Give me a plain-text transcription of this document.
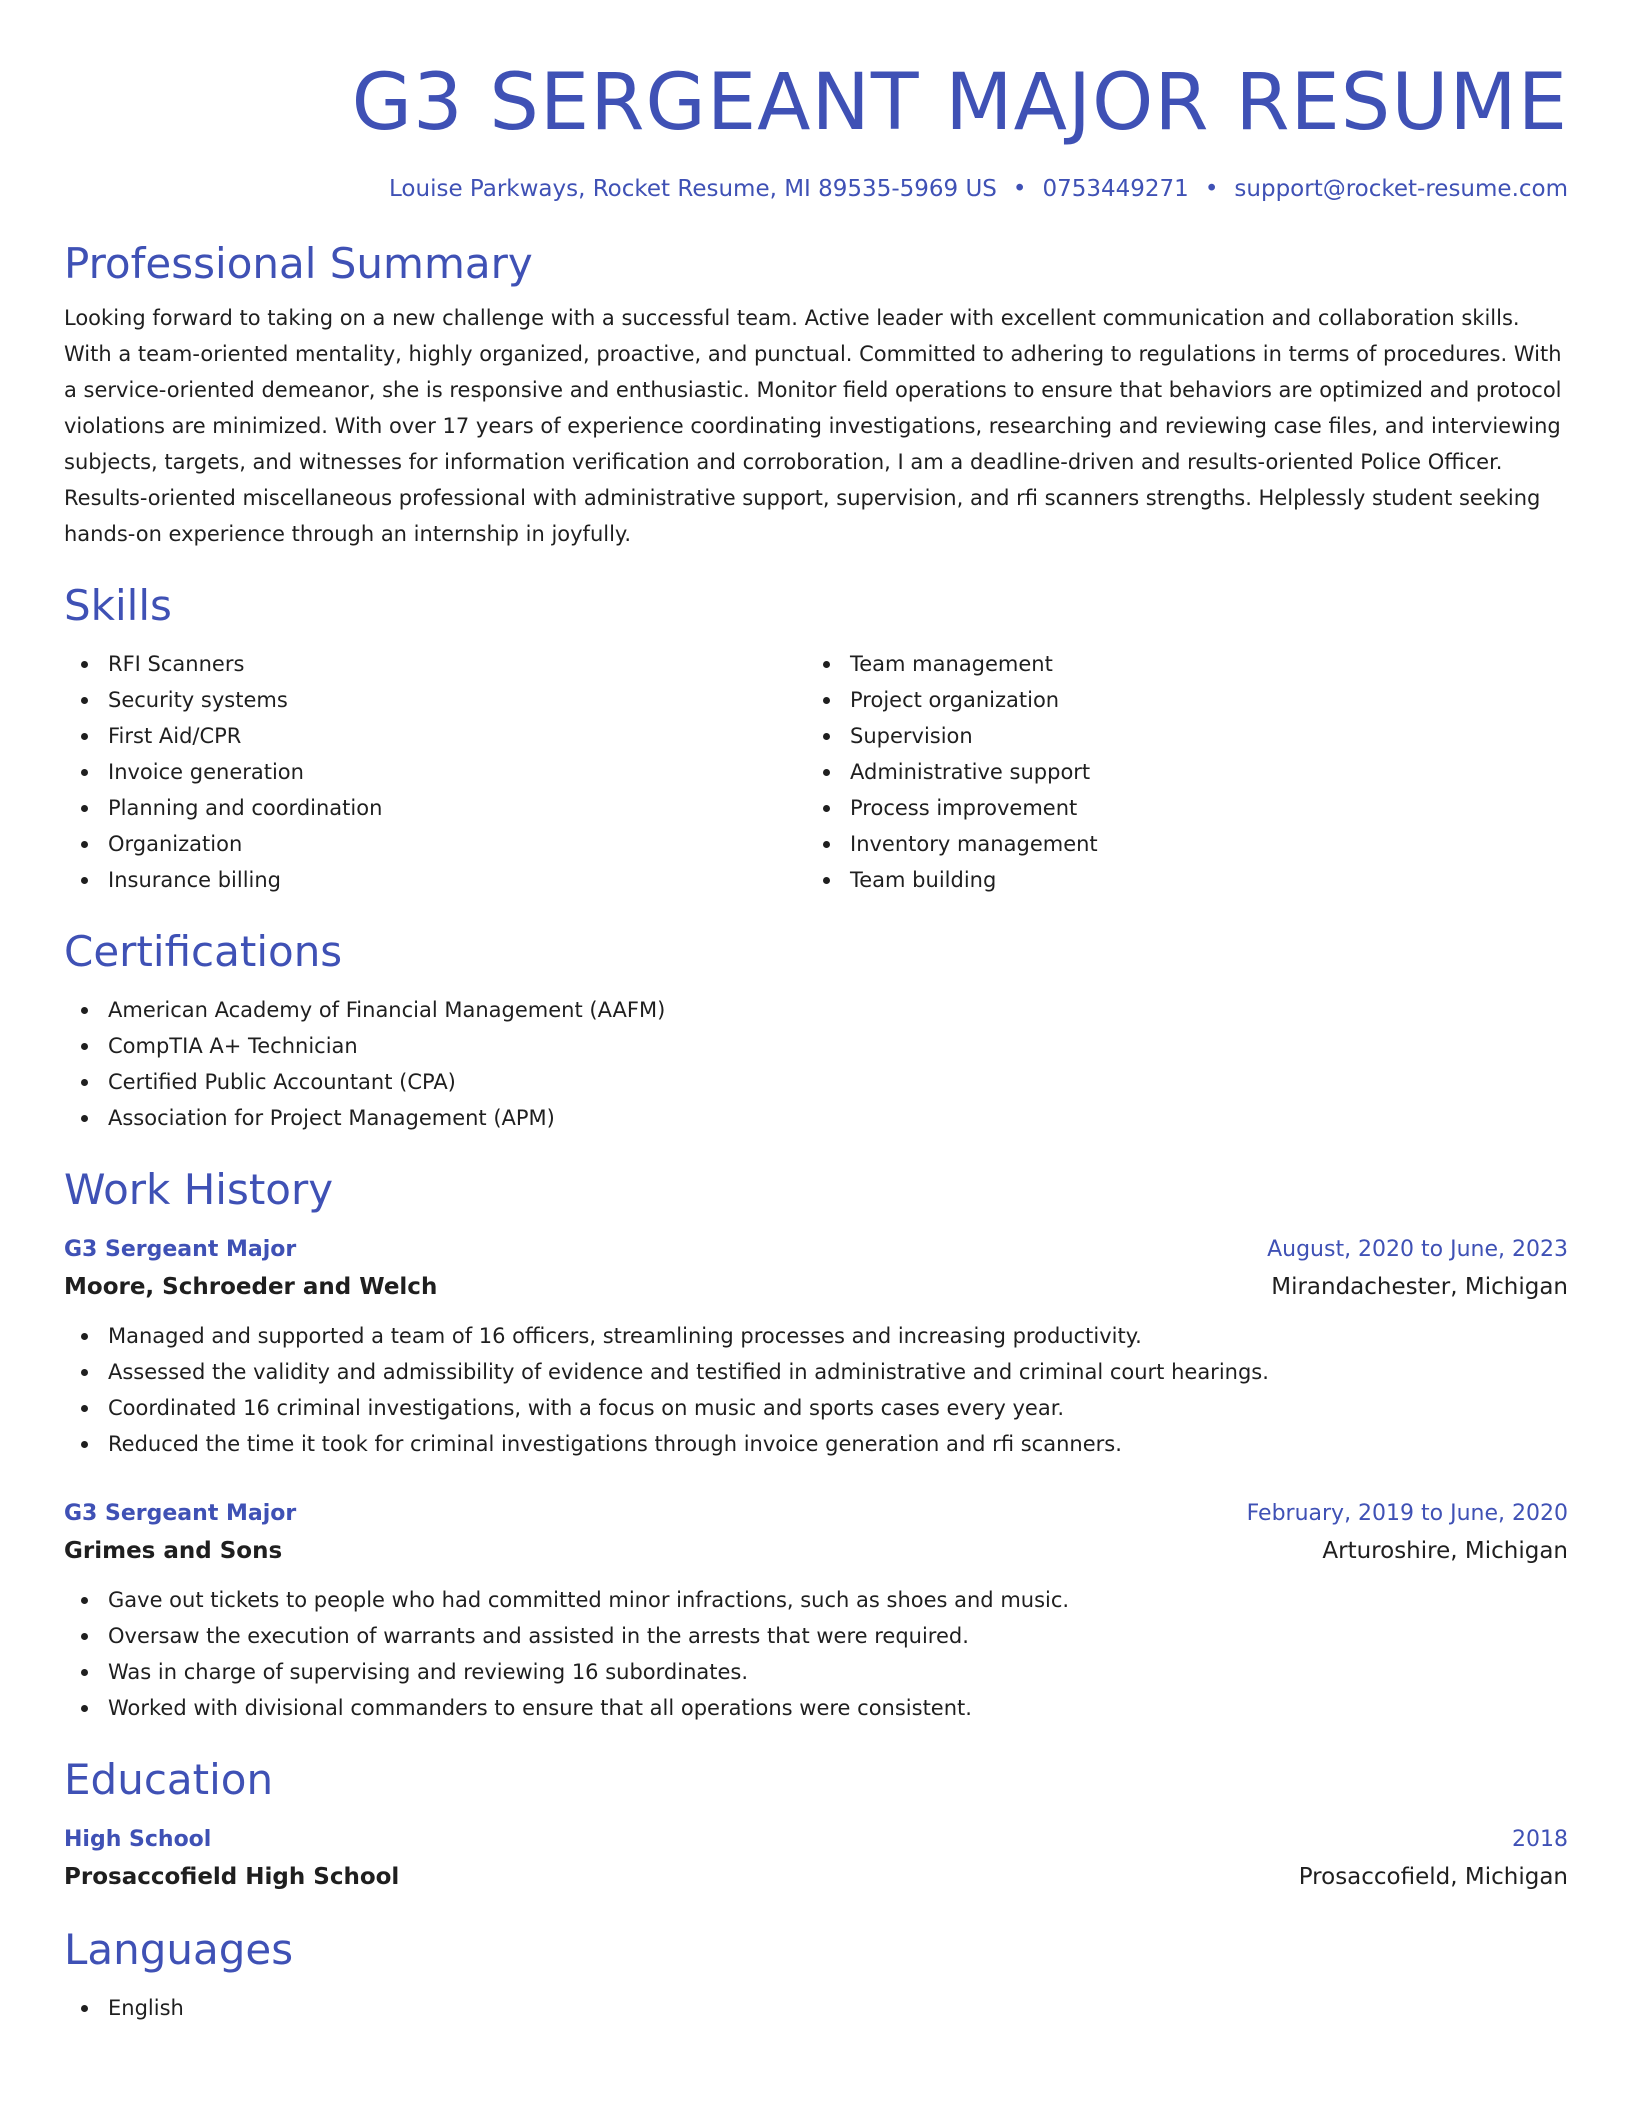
G3 SERGEANT MAJOR RESUME
Louise Parkways, Rocket Resume, MI 89535-5969 US • 0753449271 • support@rocket-resume.com
Professional Summary

Looking forward to taking on a new challenge with a successful team. Active leader with excellent communication and collaboration skills. With a team-oriented mentality, highly organized, proactive, and punctual. Committed to adhering to regulations in terms of procedures. With a service-oriented demeanor, she is responsive and enthusiastic. Monitor field operations to ensure that behaviors are optimized and protocol violations are minimized. With over 17 years of experience coordinating investigations, researching and reviewing case files, and interviewing subjects, targets, and witnesses for information verification and corroboration, I am a deadline-driven and results-oriented Police Officer. Results-oriented miscellaneous professional with administrative support, supervision, and rfi scanners strengths. Helplessly student seeking hands-on experience through an internship in joyfully.

Skills
RFI Scanners
Security systems
First Aid/CPR
Invoice generation
Planning and coordination
Organization
Insurance billing
Team management
Project organization
Supervision
Administrative support
Process improvement
Inventory management
Team building
Certifications
American Academy of Financial Management (AAFM)
CompTIA A+ Technician
Certified Public Accountant (CPA)
Association for Project Management (APM)
Work History
G3 Sergeant Major	August, 2020 to June, 2023
Moore, Schroeder and Welch	Mirandachester, Michigan
Managed and supported a team of 16 officers, streamlining processes and increasing productivity.
Assessed the validity and admissibility of evidence and testified in administrative and criminal court hearings.
Coordinated 16 criminal investigations, with a focus on music and sports cases every year.
Reduced the time it took for criminal investigations through invoice generation and rfi scanners.
G3 Sergeant Major	February, 2019 to June, 2020
Grimes and Sons	Arturoshire, Michigan
Gave out tickets to people who had committed minor infractions, such as shoes and music.
Oversaw the execution of warrants and assisted in the arrests that were required.
Was in charge of supervising and reviewing 16 subordinates.
Worked with divisional commanders to ensure that all operations were consistent.
Education
High School	2018
Prosaccofield High School	Prosaccofield, Michigan
Languages
English
